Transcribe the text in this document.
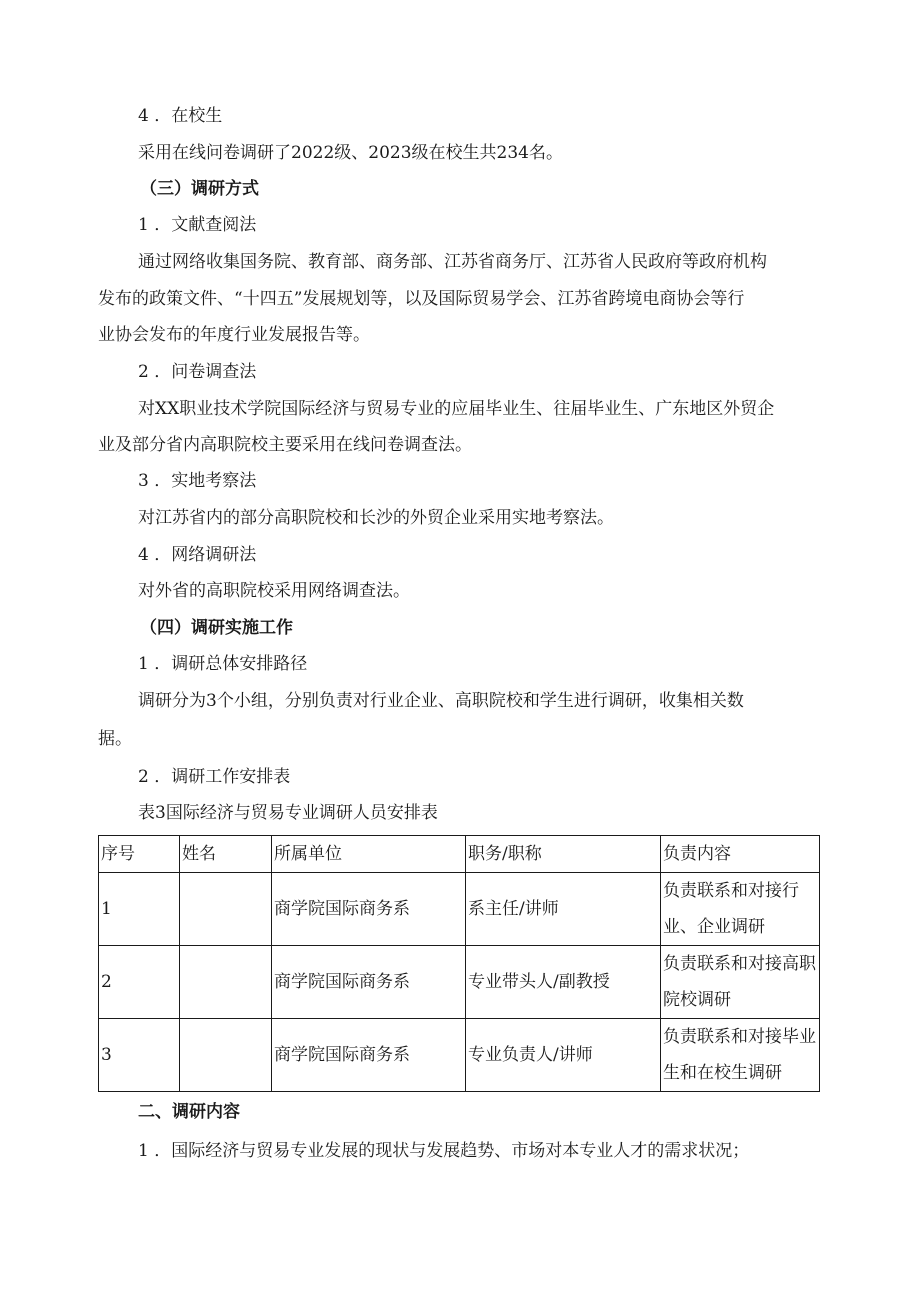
4 ．在校生
采用在线问卷调研了2022级、2023级在校生共234名。
（三）调研方式
1 ．文献查阅法
通过网络收集国务院、教育部、商务部、江苏省商务厅、江苏省人民政府等政府机构
发布的政策文件、“十四五”发展规划等，以及国际贸易学会、江苏省跨境电商协会等行
业协会发布的年度行业发展报告等。
2 ．问卷调查法
对XX职业技术学院国际经济与贸易专业的应届毕业生、往届毕业生、广东地区外贸企
业及部分省内高职院校主要采用在线问卷调查法。
3 ．实地考察法
对江苏省内的部分高职院校和长沙的外贸企业采用实地考察法。
4 ．网络调研法
对外省的高职院校采用网络调查法。
（四）调研实施工作
1 ．调研总体安排路径
调研分为3个小组，分别负责对行业企业、高职院校和学生进行调研，收集相关数
据。
2 ．调研工作安排表
表3国际经济与贸易专业调研人员安排表
序号	姓名	所属单位	职务/职称	负责内容
1		商学院国际商务系	系主任/讲师	负责联系和对接行业、企业调研
2		商学院国际商务系	专业带头人/副教授	负责联系和对接高职院校调研
3		商学院国际商务系	专业负责人/讲师	负责联系和对接毕业生和在校生调研
二、调研内容
1 ．国际经济与贸易专业发展的现状与发展趋势、市场对本专业人才的需求状况；
